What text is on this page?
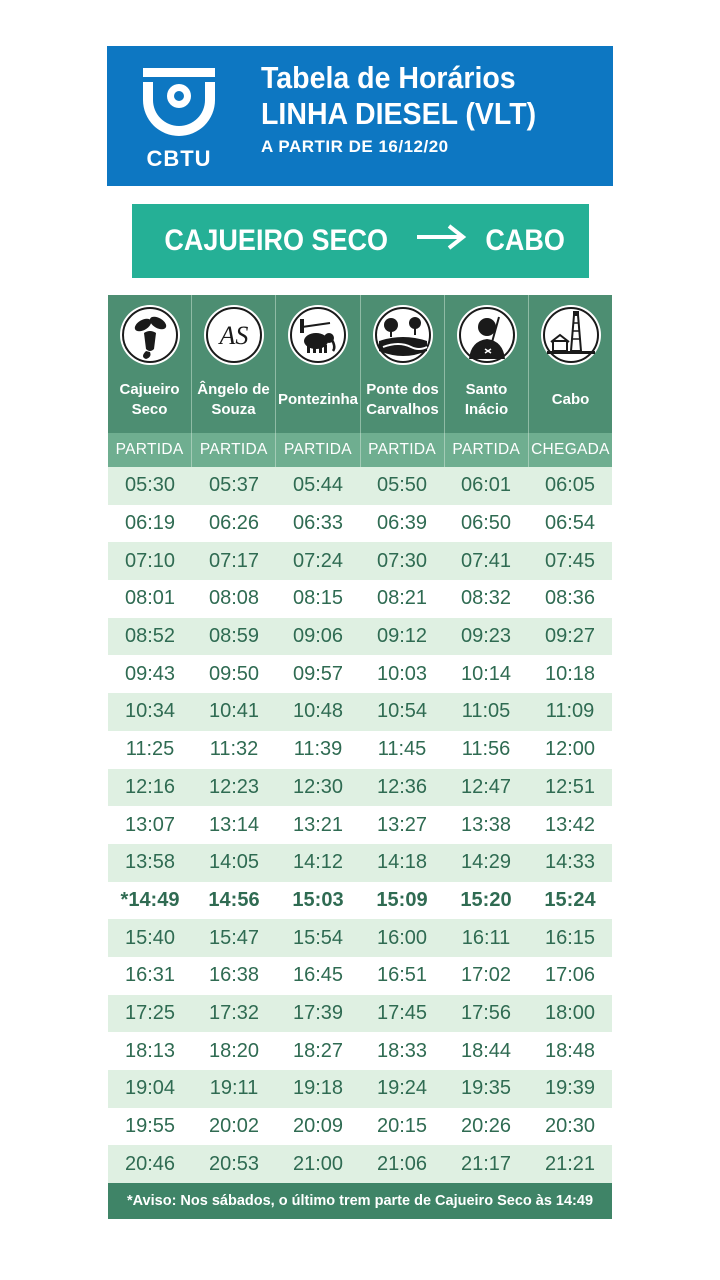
CBTU
Tabela de Horários
LINHA DIESEL (VLT)
A PARTIR DE 16/12/20
CAJUEIRO SECO	CABO
Cajueiro
Seco
AS
Ângelo de
Souza
Pontezinha
Ponte dos
Carvalhos
Santo
Inácio
Cabo
PARTIDA	PARTIDA	PARTIDA	PARTIDA	PARTIDA CHEGADA
05:30	05:37	05:44	05:50	06:01	06:05
06:19	06:26	06:33	06:39	06:50	06:54
07:10	07:17	07:24	07:30	07:41	07:45
08:01	08:08	08:15	08:21	08:32	08:36
08:52	08:59	09:06	09:12	09:23	09:27
09:43	09:50	09:57	10:03	10:14	10:18
10:34	10:41	10:48	10:54	11:05	11:09
11:25	11:32	11:39	11:45	11:56	12:00
12:16	12:23	12:30	12:36	12:47	12:51
13:07	13:14	13:21	13:27	13:38	13:42
13:58	14:05	14:12	14:18	14:29	14:33
*14:49	14:56	15:03	15:09	15:20	15:24
15:40	15:47	15:54	16:00	16:11	16:15
16:31	16:38	16:45	16:51	17:02	17:06
17:25	17:32	17:39	17:45	17:56	18:00
18:13	18:20	18:27	18:33	18:44	18:48
19:04	19:11	19:18	19:24	19:35	19:39
19:55	20:02	20:09	20:15	20:26	20:30
20:46	20:53	21:00	21:06	21:17	21:21
*Aviso: Nos sábados, o último trem parte de Cajueiro Seco às 14:49
